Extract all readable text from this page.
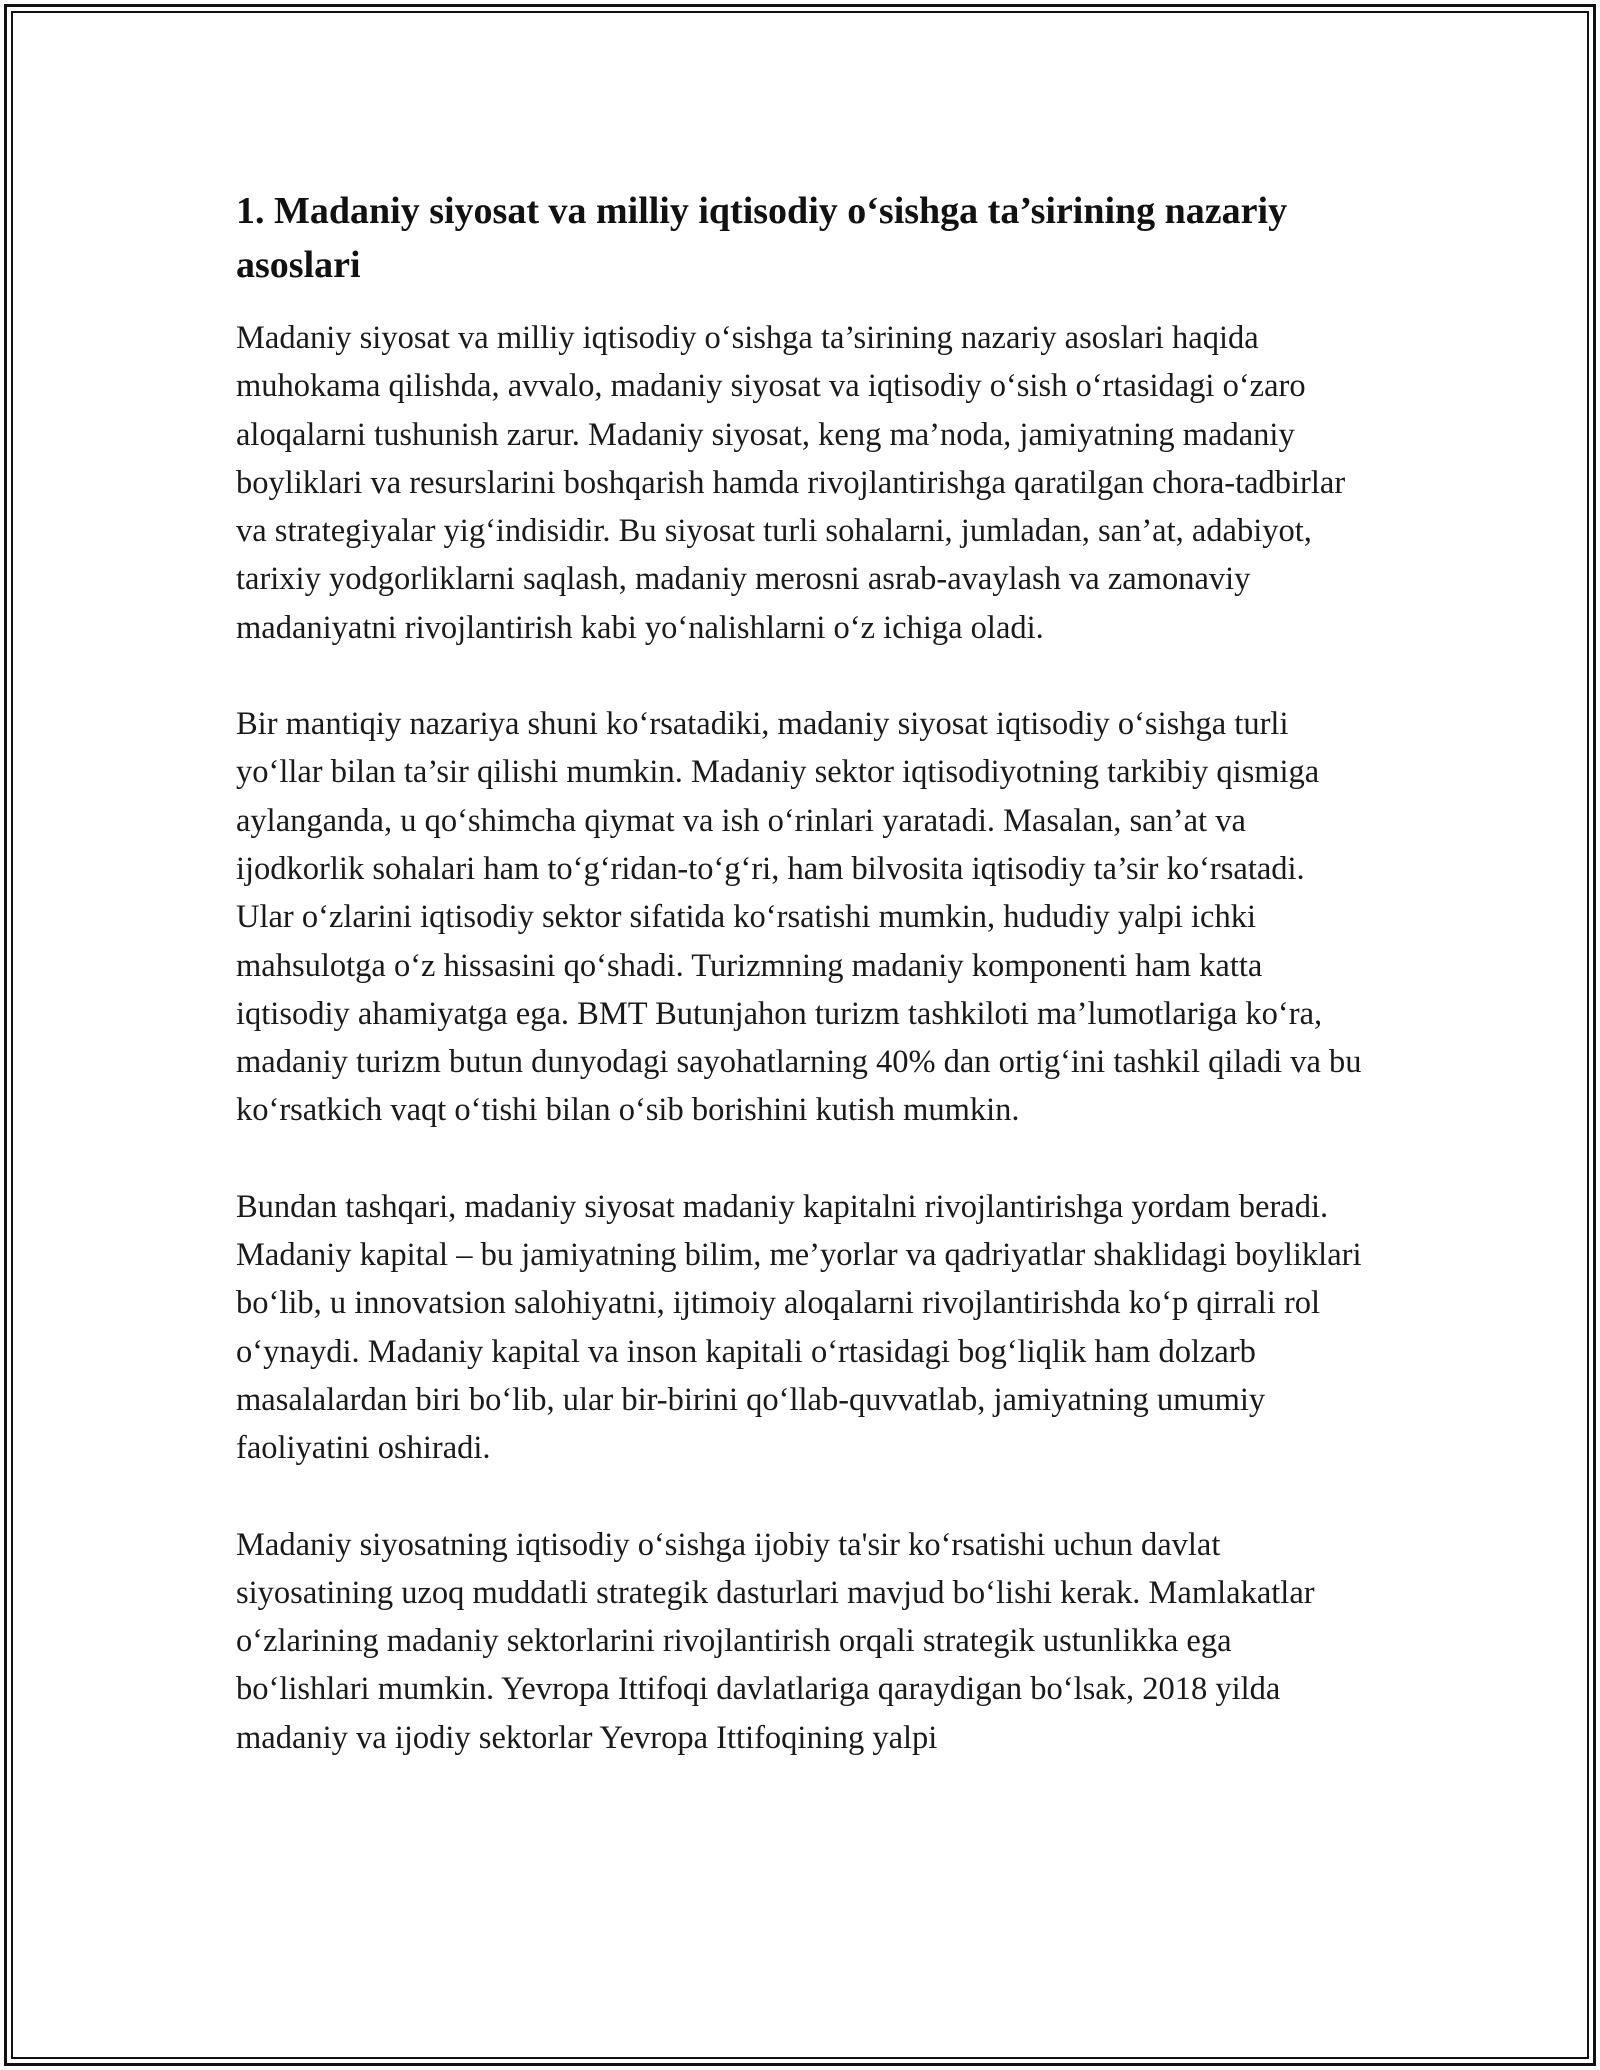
1. Madaniy siyosat va milliy iqtisodiy o‘sishga ta’sirining nazariy asoslari

Madaniy siyosat va milliy iqtisodiy o‘sishga ta’sirining nazariy asoslari haqida muhokama qilishda, avvalo, madaniy siyosat va iqtisodiy o‘sish o‘rtasidagi o‘zaro aloqalarni tushunish zarur. Madaniy siyosat, keng ma’noda, jamiyatning madaniy boyliklari va resurslarini boshqarish hamda rivojlantirishga qaratilgan chora-tadbirlar va strategiyalar yig‘indisidir. Bu siyosat turli sohalarni, jumladan, san’at, adabiyot, tarixiy yodgorliklarni saqlash, madaniy merosni asrab-avaylash va zamonaviy madaniyatni rivojlantirish kabi yo‘nalishlarni o‘z ichiga oladi.

Bir mantiqiy nazariya shuni ko‘rsatadiki, madaniy siyosat iqtisodiy o‘sishga turli yo‘llar bilan ta’sir qilishi mumkin. Madaniy sektor iqtisodiyotning tarkibiy qismiga aylanganda, u qo‘shimcha qiymat va ish o‘rinlari yaratadi. Masalan, san’at va ijodkorlik sohalari ham to‘g‘ridan-to‘g‘ri, ham bilvosita iqtisodiy ta’sir ko‘rsatadi. Ular o‘zlarini iqtisodiy sektor sifatida ko‘rsatishi mumkin, hududiy yalpi ichki mahsulotga o‘z hissasini qo‘shadi. Turizmning madaniy komponenti ham katta iqtisodiy ahamiyatga ega. BMT Butunjahon turizm tashkiloti ma’lumotlariga ko‘ra, madaniy turizm butun dunyodagi sayohatlarning 40% dan ortig‘ini tashkil qiladi va bu ko‘rsatkich vaqt o‘tishi bilan o‘sib borishini kutish mumkin.

Bundan tashqari, madaniy siyosat madaniy kapitalni rivojlantirishga yordam beradi. Madaniy kapital – bu jamiyatning bilim, me’yorlar va qadriyatlar shaklidagi boyliklari bo‘lib, u innovatsion salohiyatni, ijtimoiy aloqalarni rivojlantirishda ko‘p qirrali rol o‘ynaydi. Madaniy kapital va inson kapitali o‘rtasidagi bog‘liqlik ham dolzarb masalalardan biri bo‘lib, ular bir-birini qo‘llab-quvvatlab, jamiyatning umumiy faoliyatini oshiradi.

Madaniy siyosatning iqtisodiy o‘sishga ijobiy ta'sir ko‘rsatishi uchun davlat siyosatining uzoq muddatli strategik dasturlari mavjud bo‘lishi kerak. Mamlakatlar o‘zlarining madaniy sektorlarini rivojlantirish orqali strategik ustunlikka ega bo‘lishlari mumkin. Yevropa Ittifoqi davlatlariga qaraydigan bo‘lsak, 2018 yilda madaniy va ijodiy sektorlar Yevropa Ittifoqining yalpi
